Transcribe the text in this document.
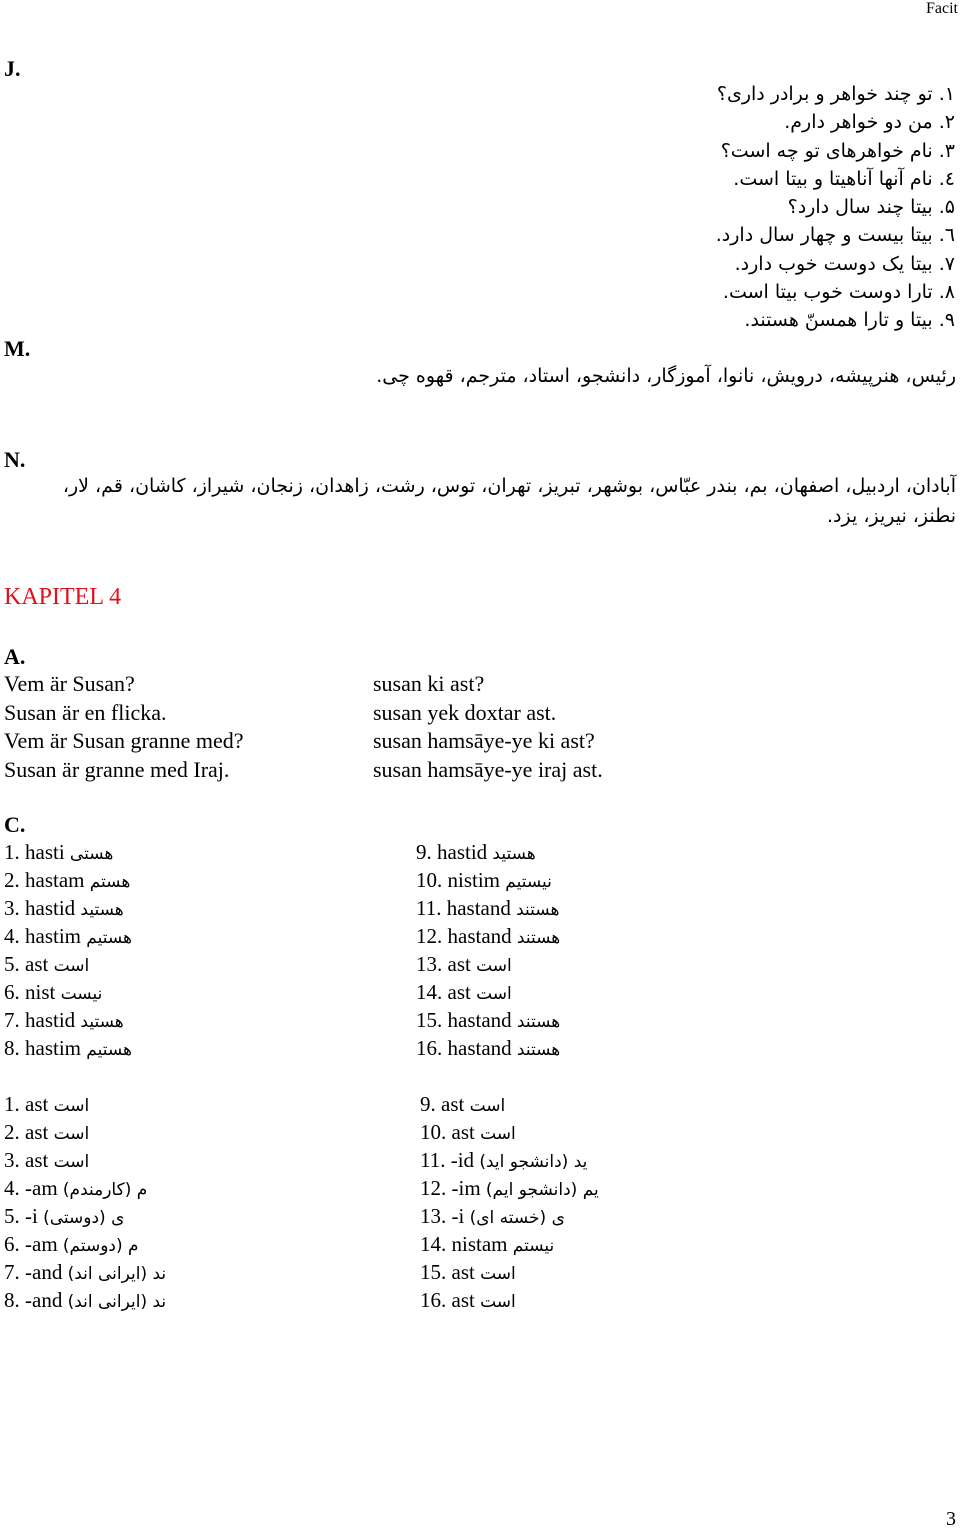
Facit
J.
۱. تو چند خواهر و برادر داری؟
۲. من دو خواهر دارم.
۳. نام خواهرهای تو چه است؟
٤. نام آنها آناهیتا و بیتا است.
۵. بیتا چند سال دارد؟
٦. بیتا بیست و چهار سال دارد.
۷. بیتا یک دوست خوب دارد.
۸. تارا دوست خوب بیتا است.
۹. بیتا و تارا همسنّ هستند.
M.
رئیس، هنرپیشه، درویش، نانوا، آموزگار، دانشجو، استاد، مترجم، قهوه چی.
N.
آبادان، اردبیل، اصفهان، بم، بندر عبّاس، بوشهر، تبریز، تهران، توس، رشت، زاهدان، زنجان، شیراز، کاشان، قم، لار،
نطنز، نیریز، یزد.
KAPITEL 4
A.
Vem är Susan?
Susan är en flicka.
Vem är Susan granne med?
Susan är granne med Iraj.
susan ki ast?
susan yek doxtar ast.
susan hamsāye-ye ki ast?
susan hamsāye-ye iraj ast.
C.
1. hasti هستی
2. hastam هستم
3. hastid هستید
4. hastim هستیم
5. ast است
6. nist نیست
7. hastid هستید
8. hastim هستیم
9. hastid هستید
10. nistim نیستیم
11. hastand هستند
12. hastand هستند
13. ast است
14. ast است
15. hastand هستند
16. hastand هستند
1. ast است
2. ast است
3. ast است
4. -am م (کارمندم)
5. -i ی (دوستی)
6. -am م (دوستم)
7. -and ند (ایرانی اند)
8. -and ند (ایرانی اند)
9. ast است
10. ast است
11. -id ید (دانشجو اید)
12. -im یم (دانشجو ایم)
13. -i ی (خسته ای)
14. nistam نیستم
15. ast است
16. ast است
3
